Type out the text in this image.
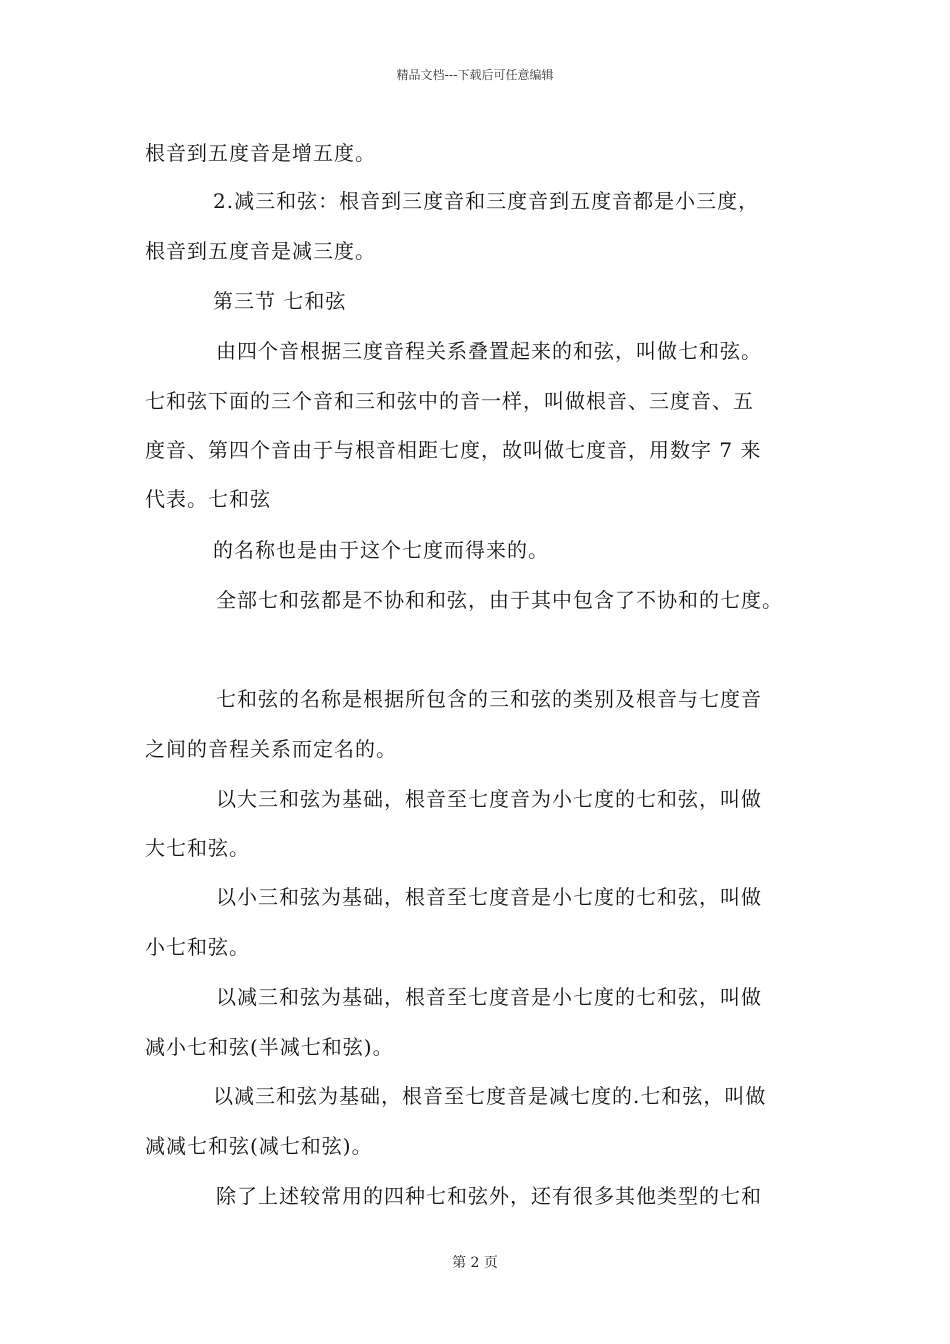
精品文档---下载后可任意编辑
根音到五度音是增五度。
2.减三和弦：根音到三度音和三度音到五度音都是小三度，
根音到五度音是减三度。
第三节 七和弦
由四个音根据三度音程关系叠置起来的和弦，叫做七和弦。
七和弦下面的三个音和三和弦中的音一样，叫做根音、三度音、五
度音、第四个音由于与根音相距七度，故叫做七度音，用数字 7 来
代表。七和弦
的名称也是由于这个七度而得来的。
全部七和弦都是不协和和弦，由于其中包含了不协和的七度。
七和弦的名称是根据所包含的三和弦的类别及根音与七度音
之间的音程关系而定名的。
以大三和弦为基础，根音至七度音为小七度的七和弦，叫做
大七和弦。
以小三和弦为基础，根音至七度音是小七度的七和弦，叫做
小七和弦。
以减三和弦为基础，根音至七度音是小七度的七和弦，叫做
减小七和弦(半减七和弦)。
以减三和弦为基础，根音至七度音是减七度的.七和弦，叫做
减减七和弦(减七和弦)。
除了上述较常用的四种七和弦外，还有很多其他类型的七和
第 2 页
